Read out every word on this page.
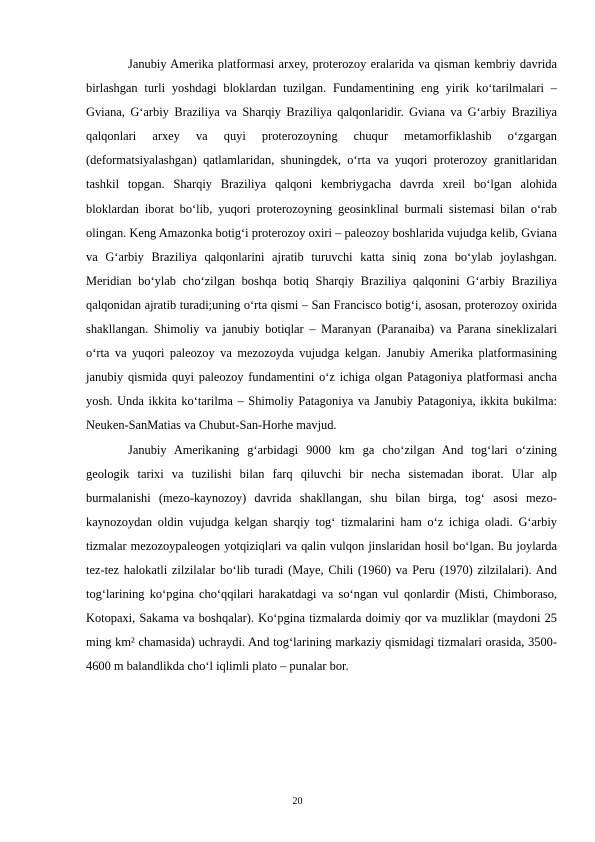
Janubiy Amerika platformasi arxey, proterozoy eralarida va qisman kembriy davrida birlashgan turli yoshdagi bloklardan tuzilgan. Fundamentining eng yirik koʻtarilmalari – Gviana, Gʻarbiy Braziliya va Sharqiy Braziliya qalqonlaridir. Gviana va Gʻarbiy Braziliya qalqonlari arxey va quyi proterozoyning chuqur metamorfiklashib oʻzgargan (deformatsiyalashgan) qatlamlaridan, shuningdek, oʻrta va yuqori proterozoy granitlaridan tashkil topgan. Sharqiy Braziliya qalqoni kembriygacha davrda xreil boʻlgan alohida bloklardan iborat boʻlib, yuqori proterozoyning geosinklinal burmali sistemasi bilan oʻrab olingan. Keng Amazonka botigʻi proterozoy oxiri – paleozoy boshlarida vujudga kelib, Gviana va Gʻarbiy Braziliya qalqonlarini ajratib turuvchi katta siniq zona boʻylab joylashgan. Meridian boʻylab choʻzilgan boshqa botiq Sharqiy Braziliya qalqonini Gʻarbiy Braziliya qalqonidan ajratib turadi;uning oʻrta qismi – San Francisco botigʻi, asosan, proterozoy oxirida shakllangan. Shimoliy va janubiy botiqlar – Maranyan (Paranaiba) va Parana sineklizalari oʻrta va yuqori paleozoy va mezozoyda vujudga kelgan. Janubiy Amerika platformasining janubiy qismida quyi paleozoy fundamentini oʻz ichiga olgan Patagoniya platformasi ancha yosh. Unda ikkita koʻtarilma – Shimoliy Patagoniya va Janubiy Patagoniya, ikkita bukilma: Neuken-SanMatias va Chubut-San-Horhe mavjud.

Janubiy Amerikaning gʻarbidagi 9000 km ga choʻzilgan And togʻlari oʻzining geologik tarixi va tuzilishi bilan farq qiluvchi bir necha sistemadan iborat. Ular alp burmalanishi (mezo-kaynozoy) davrida shakllangan, shu bilan birga, togʻ asosi mezo-kaynozoydan oldin vujudga kelgan sharqiy togʻ tizmalarini ham oʻz ichiga oladi. Gʻarbiy tizmalar mezozoypaleogen yotqiziqlari va qalin vulqon jinslaridan hosil boʻlgan. Bu joylarda tez-tez halokatli zilzilalar boʻlib turadi (Maye, Chili (1960) va Peru (1970) zilzilalari). And togʻlarining koʻpgina choʻqqilari harakatdagi va soʻngan vul qonlardir (Misti, Chimboraso, Kotopaxi, Sakama va boshqalar). Koʻpgina tizmalarda doimiy qor va muzliklar (maydoni 25 ming km² chamasida) uchraydi. And togʻlarining markaziy qismidagi tizmalari orasida, 3500-4600 m balandlikda choʻl iqlimli plato – punalar bor.

20
